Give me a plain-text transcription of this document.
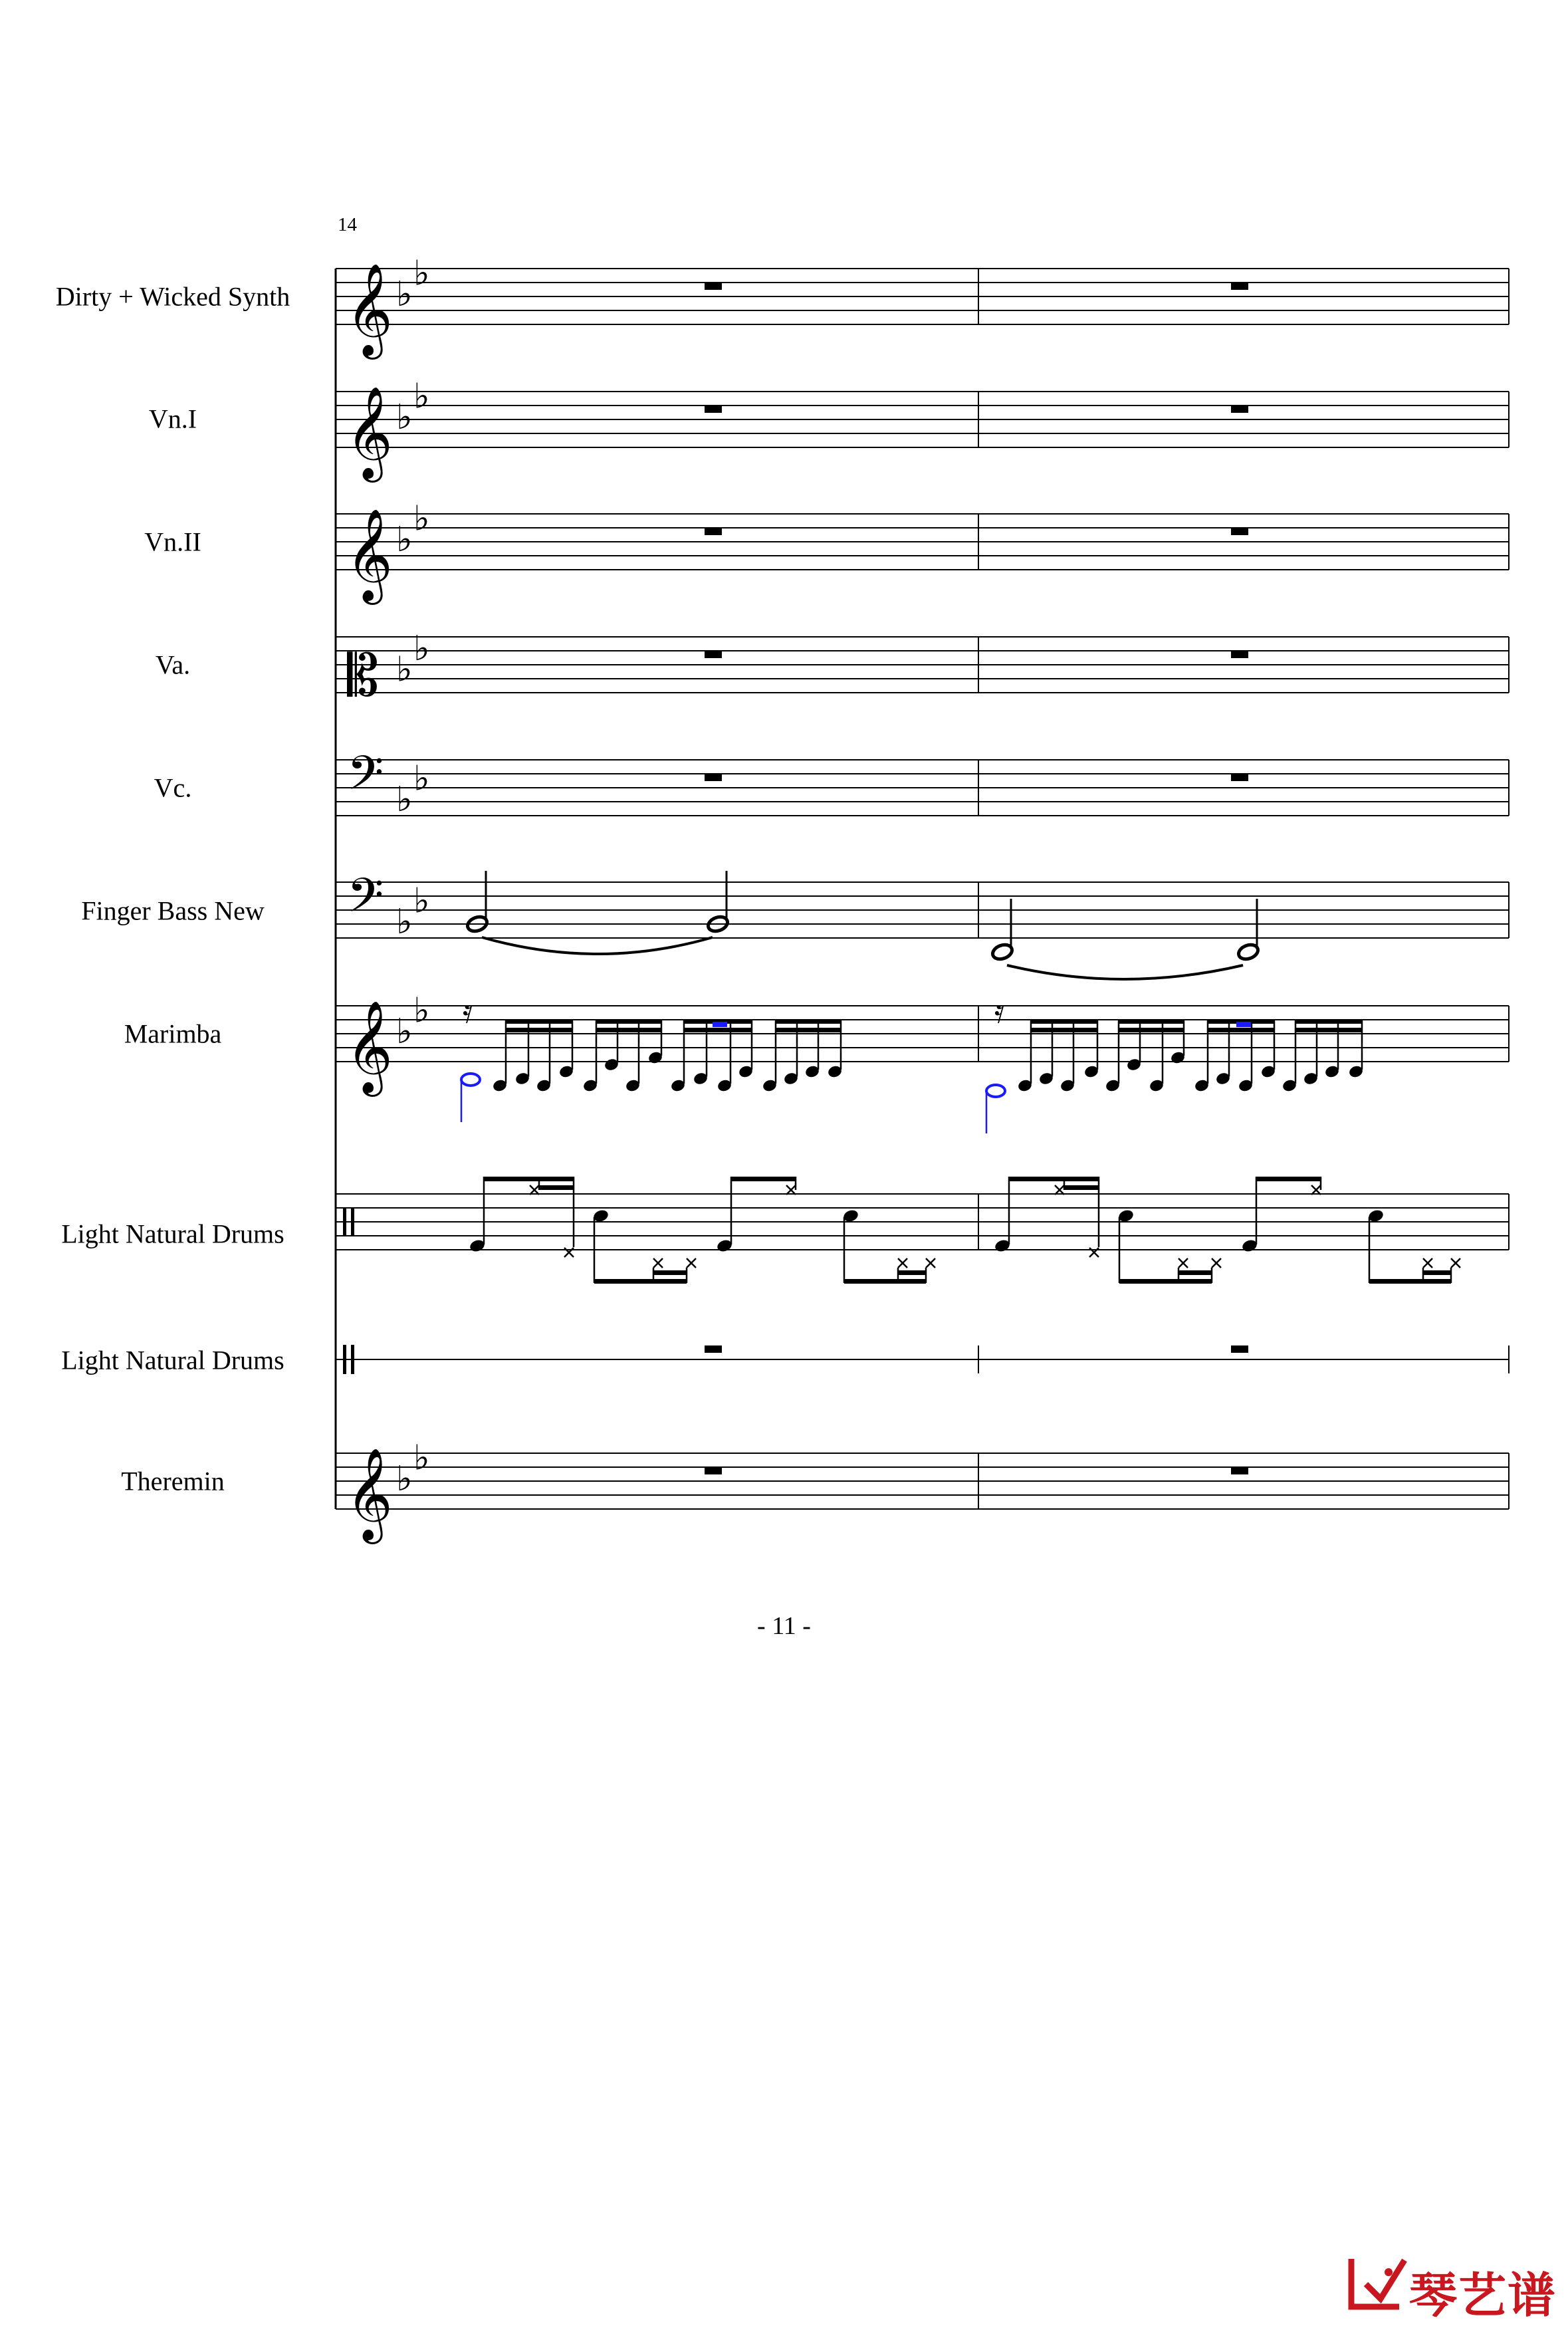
𝄞 ♭
♭
𝄞 ♭
♭
𝄞 ♭
♭
𝄡 ♭
♭
𝄢 ♭
♭
𝄢 ♭
♭
𝄞 ♭
♭
𝄞 ♭
♭
𝄿	𝄿
14
Dirty + Wicked Synth
Vn.I
Vn.II
Va.
Vc.
Finger Bass New
Marimba
Light Natural Drums
Light Natural Drums
Theremin
- 11 -
琴艺谱
